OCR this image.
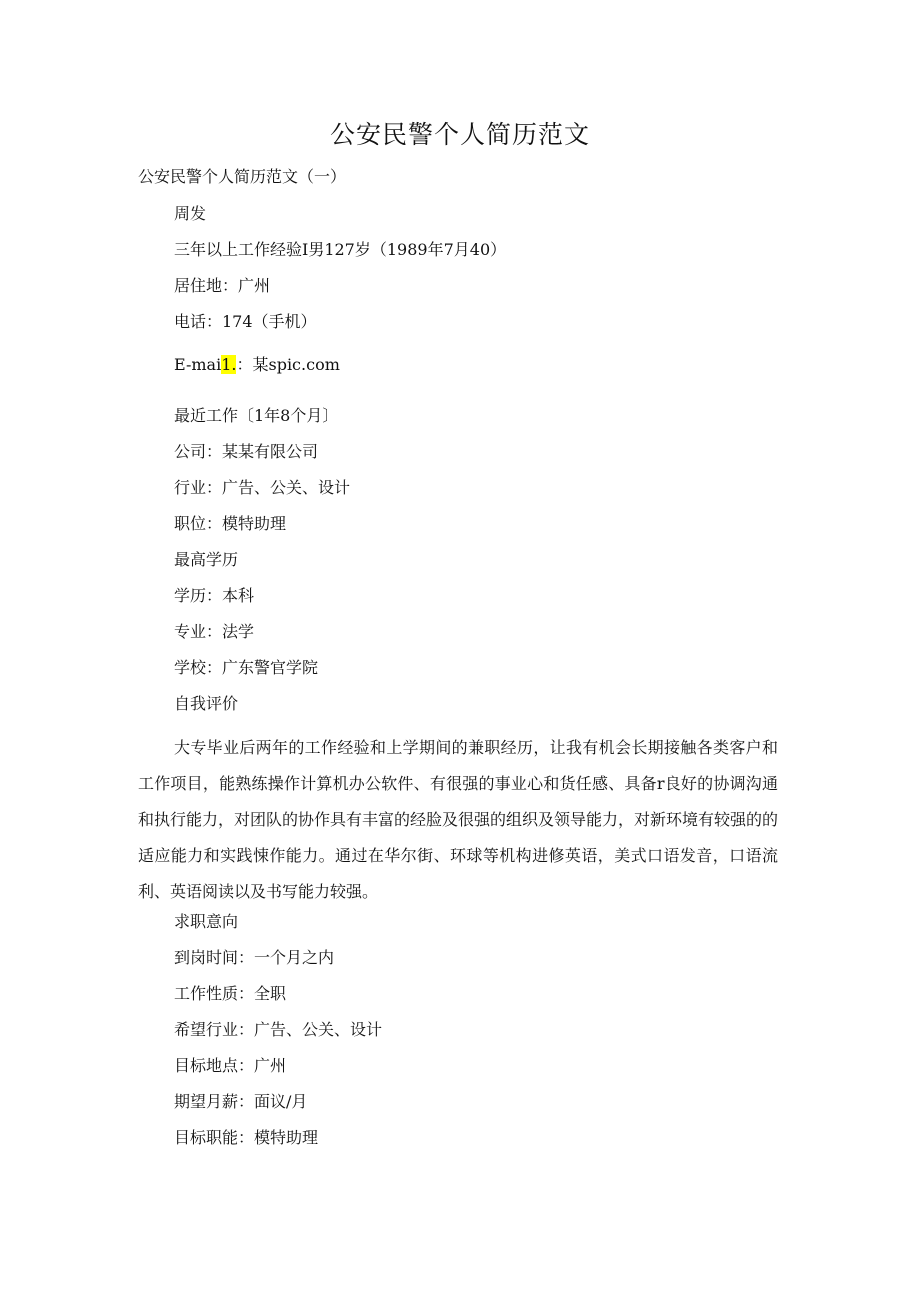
公安民警个人简历范文
公安民警个人简历范文（一）
周发
三年以上工作经验I男127岁（1989年7月40）
居住地：广州
电话：174（手机）
E-mai1.：某spic.com
最近工作〔1年8个月〕
公司：某某有限公司
行业：广告、公关、设计
职位：模特助理
最高学历
学历：本科
专业：法学
学校：广东警官学院
自我评价
大专毕业后两年的工作经验和上学期间的兼职经历，让我有机会长期接触各类客户和工作项目，能熟练操作计算机办公软件、有很强的事业心和货任感、具备r良好的协调沟通和执行能力，对团队的协作具有丰富的经脸及很强的组织及领导能力，对新环境有较强的的适应能力和实践悚作能力。通过在华尔街、环球等机构进修英语，美式口语发音，口语流利、英语阅读以及书写能力较强。
求职意向
到岗时间：一个月之内
工作性质：全职
希望行业：广告、公关、设计
目标地点：广州
期望月薪：面议/月
目标职能：模特助理
